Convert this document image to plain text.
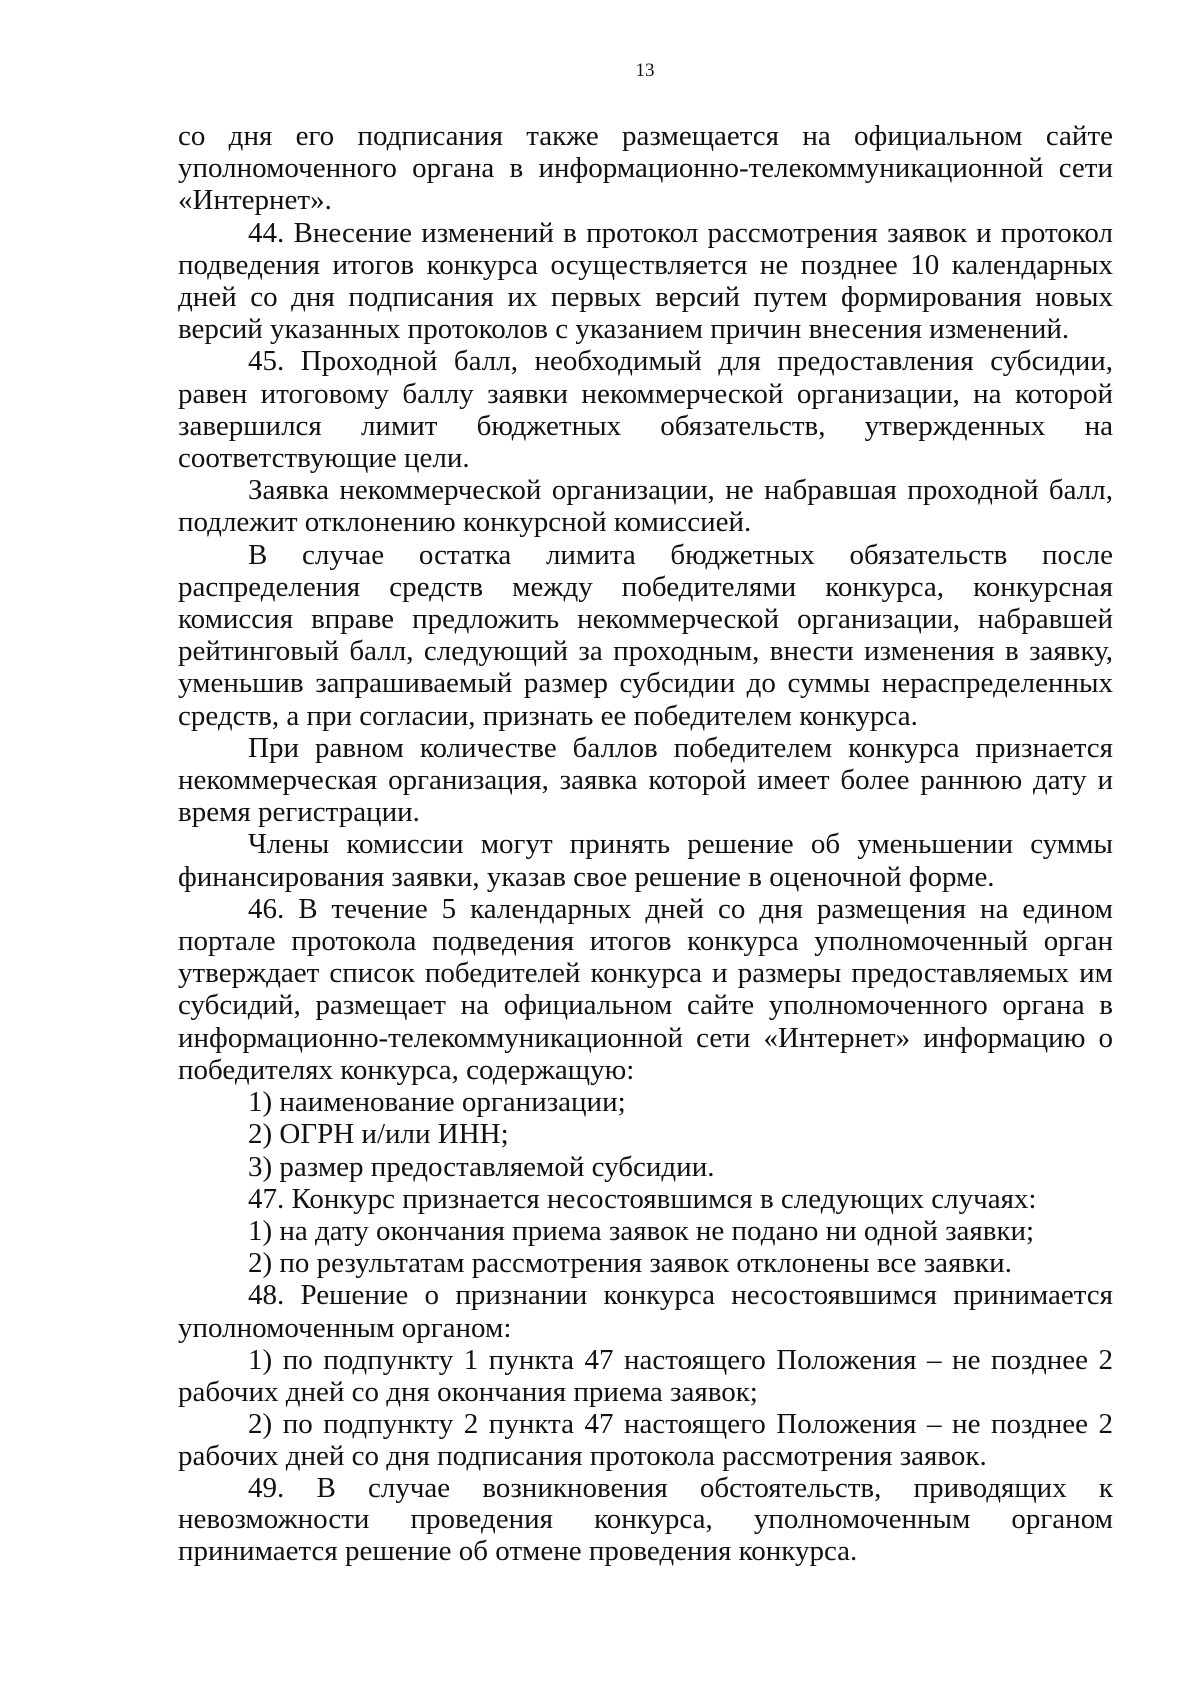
13

со дня его подписания также размещается на официальном сайте уполномоченного органа в информационно-телекоммуникационной сети «Интернет».

44. Внесение изменений в протокол рассмотрения заявок и протокол подведения итогов конкурса осуществляется не позднее 10 календарных дней со дня подписания их первых версий путем формирования новых версий указанных протоколов с указанием причин внесения изменений.

45. Проходной балл, необходимый для предоставления субсидии, равен итоговому баллу заявки некоммерческой организации, на которой завершился лимит бюджетных обязательств, утвержденных на соответствующие цели.

Заявка некоммерческой организации, не набравшая проходной балл, подлежит отклонению конкурсной комиссией.

В случае остатка лимита бюджетных обязательств после распределения средств между победителями конкурса, конкурсная комиссия вправе предложить некоммерческой организации, набравшей рейтинговый балл, следующий за проходным, внести изменения в заявку, уменьшив запрашиваемый размер субсидии до суммы нераспределенных средств, а при согласии, признать ее победителем конкурса.

При равном количестве баллов победителем конкурса признается некоммерческая организация, заявка которой имеет более раннюю дату и время регистрации.

Члены комиссии могут принять решение об уменьшении суммы финансирования заявки, указав свое решение в оценочной форме.

46. В течение 5 календарных дней со дня размещения на едином портале протокола подведения итогов конкурса уполномоченный орган утверждает список победителей конкурса и размеры предоставляемых им субсидий, размещает на официальном сайте уполномоченного органа в информационно-телекоммуникационной сети «Интернет» информацию о победителях конкурса, содержащую:

1) наименование организации;

2) ОГРН и/или ИНН;

3) размер предоставляемой субсидии.

47. Конкурс признается несостоявшимся в следующих случаях:

1) на дату окончания приема заявок не подано ни одной заявки;

2) по результатам рассмотрения заявок отклонены все заявки.

48. Решение о признании конкурса несостоявшимся принимается уполномоченным органом:

1) по подпункту 1 пункта 47 настоящего Положения – не позднее 2 рабочих дней со дня окончания приема заявок;

2) по подпункту 2 пункта 47 настоящего Положения – не позднее 2 рабочих дней со дня подписания протокола рассмотрения заявок.

49. В случае возникновения обстоятельств, приводящих к невозможности проведения конкурса, уполномоченным органом принимается решение об отмене проведения конкурса.
